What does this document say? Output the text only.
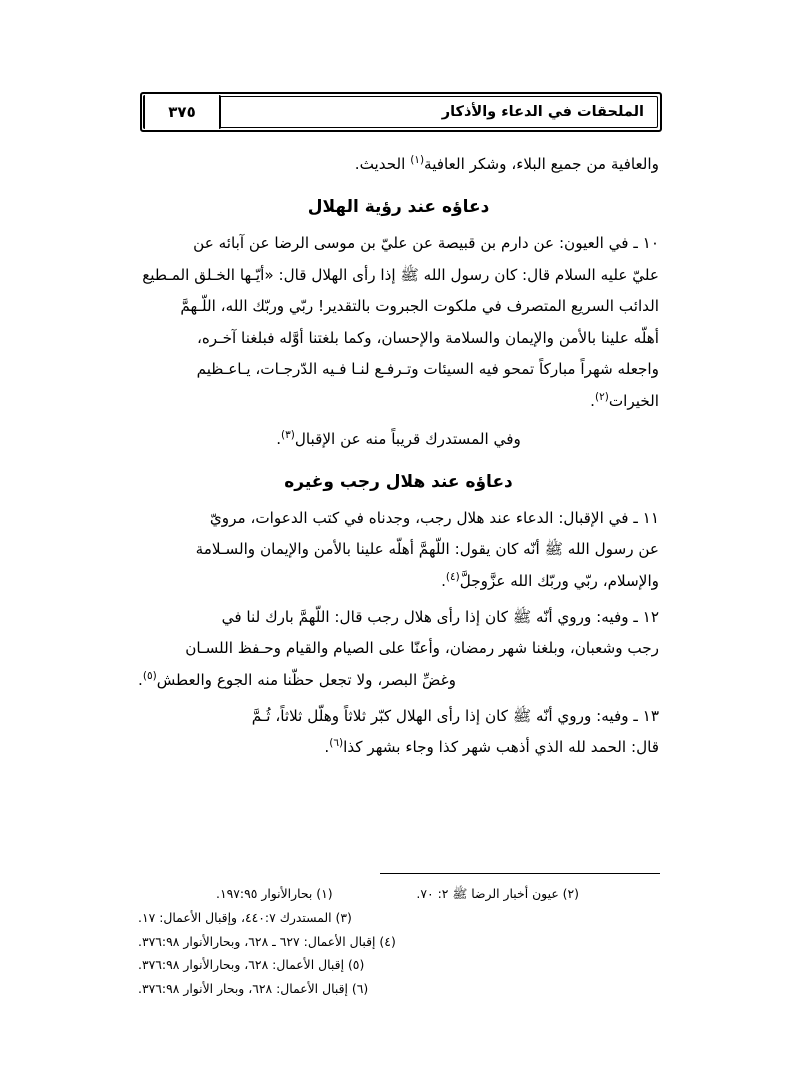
الملحقات في الدعاء والأذكار
٣٧٥

والعافية من جميع البلاء، وشكر العافية$^{(١)}$ الحديث.

دعاؤه عند رؤية الهلال

١٠ ـ في العيون: عن دارم بن قبيصة عن عليّ بن موسى الرضا عن آبائه عن

عليّ عليه السلام قال: كان رسول الله ﷺ إذا رأى الهلال قال: «أيّـها الخـلق المـطيع

الدائب السريع المتصرف في ملكوت الجبروت بالتقدير! ربّي وربّك الله، اللّـهمَّ

أهلّه علينا بالأمن والإيمان والسلامة والإحسان، وكما بلغتنا أوَّله فبلغنا آخـره،

واجعله شهراً مباركاً تمحو فيه السيئات وتـرفـع لنـا فـيه الدّرجـات، يـاعـظيم

الخيرات$^{(٢)}$.

وفي المستدرك قريباً منه عن الإقبال$^{(٣)}$.

دعاؤه عند هلال رجب وغيره

١١ ـ في الإقبال: الدعاء عند هلال رجب، وجدناه في كتب الدعوات، مرويّ

عن رسول الله ﷺ أنّه كان يقول: اللّهمَّ أهلّه علينا بالأمن والإيمان والسـلامة

والإسلام، ربّي وربّك الله عزَّوجلَّ$^{(٤)}$.

١٢ ـ وفيه: وروي أنّه ﷺ كان إذا رأى هلال رجب قال: اللّهمَّ بارك لنا في

رجب وشعبان، وبلغنا شهر رمضان، وأعنّا على الصيام والقيام وحـفظ اللسـان

وغضِّ البصر، ولا تجعل حظّنا منه الجوع والعطش$^{(٥)}$.

١٣ ـ وفيه: وروي أنّه ﷺ كان إذا رأى الهلال كبّر ثلاثاً وهلّل ثلاثاً، ثُـمَّ

قال: الحمد لله الذي أذهب شهر كذا وجاء بشهر كذا$^{(٦)}$.

(٢) عيون أخبار الرضا ﷺ ٢: ٧٠.
(١) بحارالأنوار ١٩٧:٩٥.
(٣) المستدرك ٤٤٠:٧، وإقبال الأعمال: ١٧.
(٤) إقبال الأعمال: ٦٢٧ ـ ٦٢٨، وبحارالأنوار ٣٧٦:٩٨.
(٥) إقبال الأعمال: ٦٢٨، وبحارالأنوار ٣٧٦:٩٨.
(٦) إقبال الأعمال: ٦٢٨، وبحار الأنوار ٣٧٦:٩٨.
